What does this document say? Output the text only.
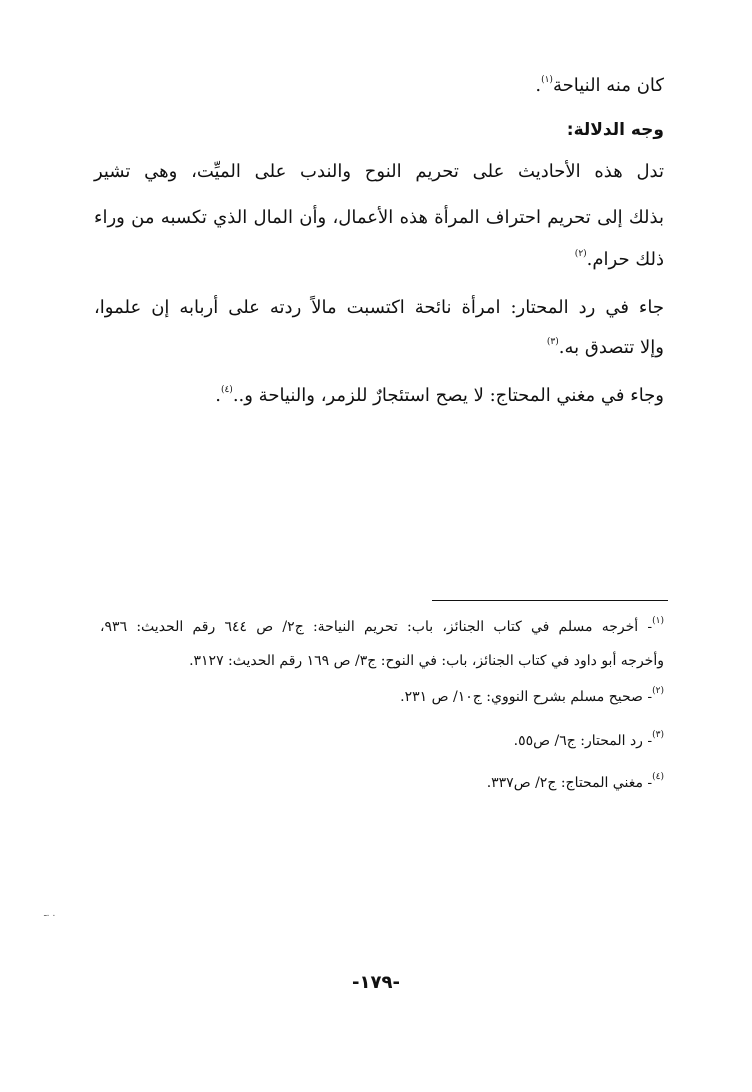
كان منه النياحة$^{(١)}$.
وجه الدلالة:
تدل هذه الأحاديث على تحريم النوح والندب على الميِّت، وهي تشير
بذلك إلى تحريم احتراف المرأة هذه الأعمال، وأن المال الذي تكسبه من وراء
ذلك حرام.$^{(٢)}$
جاء في رد المحتار: امرأة نائحة اكتسبت مالاً ردته على أربابه إن علموا،
وإلا تتصدق به.$^{(٣)}$
وجاء في مغني المحتاج: لا يصح استئجارٌ للزمر، والنياحة و..$^{(٤)}$.
$^{(١)}$- أخرجه مسلم في كتاب الجنائز، باب: تحريم النياحة: ج٢/ ص ٦٤٤ رقم الحديث: ٩٣٦،
وأخرجه أبو داود في كتاب الجنائز، باب: في النوح: ج٣/ ص ١٦٩ رقم الحديث: ٣١٢٧.
$^{(٢)}$- صحيح مسلم بشرح النووي: ج١٠/ ص ٢٣١.
$^{(٣)}$- رد المحتار: ج٦/ ص٥٥.
$^{(٤)}$- مغني المحتاج: ج٢/ ص٣٣٧.
ـ. ․
-١٧٩-
